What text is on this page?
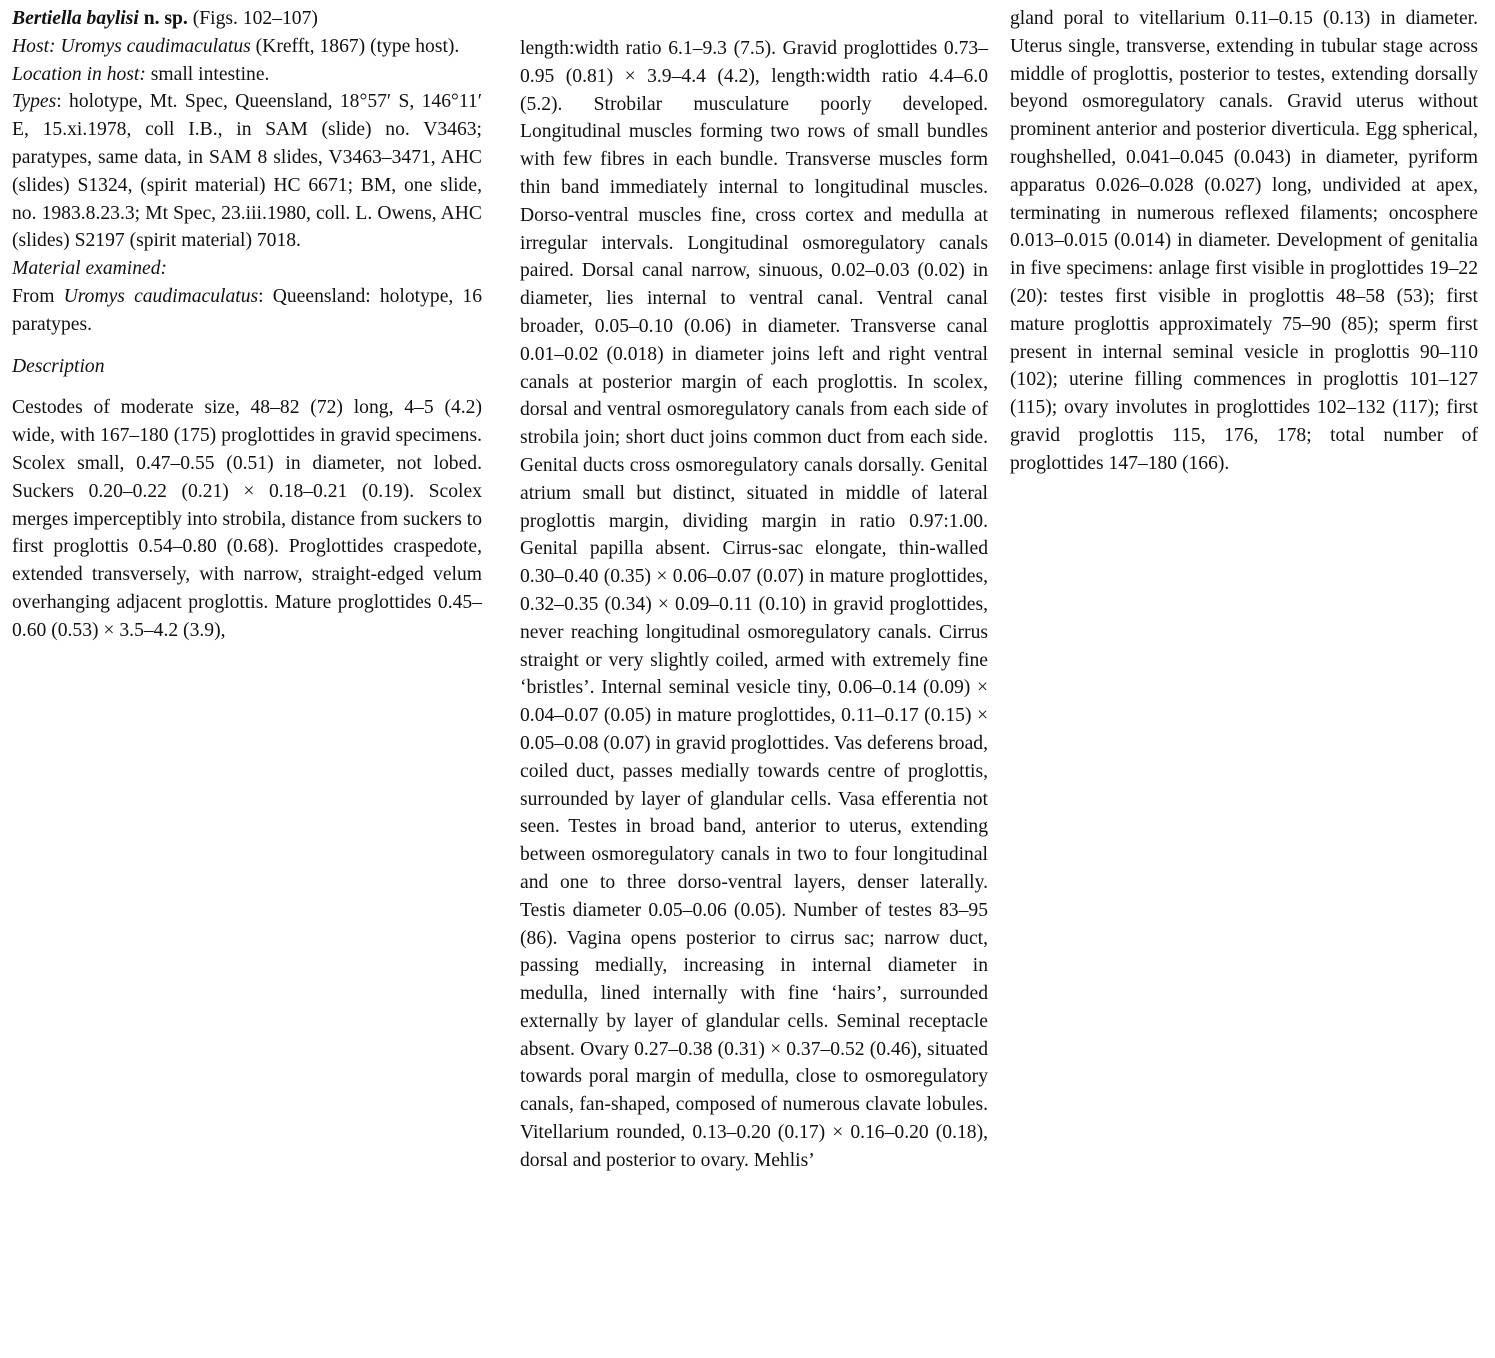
Bertiella baylisi n. sp. (Figs. 102–107)

Host: Uromys caudimaculatus (Krefft, 1867) (type host).

Location in host: small intestine.

Types: holotype, Mt. Spec, Queensland, 18°57′ S, 146°11′ E, 15.xi.1978, coll I.B., in SAM (slide) no. V3463; paratypes, same data, in SAM 8 slides, V3463–3471, AHC (slides) S1324, (spirit material) HC 6671; BM, one slide, no. 1983.8.23.3; Mt Spec, 23.iii.1980, coll. L. Owens, AHC (slides) S2197 (spirit material) 7018.

Material examined:

From Uromys caudimaculatus: Queensland: holotype, 16 paratypes.

Description

Cestodes of moderate size, 48–82 (72) long, 4–5 (4.2) wide, with 167–180 (175) proglottides in gravid specimens. Scolex small, 0.47–0.55 (0.51) in diameter, not lobed. Suckers 0.20–0.22 (0.21) × 0.18–0.21 (0.19). Scolex merges imperceptibly into strobila, distance from suckers to first proglottis 0.54–0.80 (0.68). Proglottides craspedote, extended transversely, with narrow, straight-edged velum overhanging adjacent proglottis. Mature proglottides 0.45–0.60 (0.53) × 3.5–4.2 (3.9),

length:width ratio 6.1–9.3 (7.5). Gravid proglottides 0.73–0.95 (0.81) × 3.9–4.4 (4.2), length:width ratio 4.4–6.0 (5.2). Strobilar musculature poorly developed. Longitudinal muscles forming two rows of small bundles with few fibres in each bundle. Transverse muscles form thin band immediately internal to longitudinal muscles. Dorso-ventral muscles fine, cross cortex and medulla at irregular intervals. Longitudinal osmoregulatory canals paired. Dorsal canal narrow, sinuous, 0.02–0.03 (0.02) in diameter, lies internal to ventral canal. Ventral canal broader, 0.05–0.10 (0.06) in diameter. Transverse canal 0.01–0.02 (0.018) in diameter joins left and right ventral canals at posterior margin of each proglottis. In scolex, dorsal and ventral osmoregulatory canals from each side of strobila join; short duct joins common duct from each side. Genital ducts cross osmoregulatory canals dorsally. Genital atrium small but distinct, situated in middle of lateral proglottis margin, dividing margin in ratio 0.97:1.00. Genital papilla absent. Cirrus-sac elongate, thin-walled 0.30–0.40 (0.35) × 0.06–0.07 (0.07) in mature proglottides, 0.32–0.35 (0.34) × 0.09–0.11 (0.10) in gravid proglottides, never reaching longitudinal osmoregulatory canals. Cirrus straight or very slightly coiled, armed with extremely fine ‘bristles’. Internal seminal vesicle tiny, 0.06–0.14 (0.09) × 0.04–0.07 (0.05) in mature proglottides, 0.11–0.17 (0.15) × 0.05–0.08 (0.07) in gravid proglottides. Vas deferens broad, coiled duct, passes medially towards centre of proglottis, surrounded by layer of glandular cells. Vasa efferentia not seen. Testes in broad band, anterior to uterus, extending between osmoregulatory canals in two to four longitudinal and one to three dorso-ventral layers, denser laterally. Testis diameter 0.05–0.06 (0.05). Number of testes 83–95 (86). Vagina opens posterior to cirrus sac; narrow duct, passing medially, increasing in internal diameter in medulla, lined internally with fine ‘hairs’, surrounded externally by layer of glandular cells. Seminal receptacle absent. Ovary 0.27–0.38 (0.31) × 0.37–0.52 (0.46), situated towards poral margin of medulla, close to osmoregulatory canals, fan-shaped, composed of numerous clavate lobules. Vitellarium rounded, 0.13–0.20 (0.17) × 0.16–0.20 (0.18), dorsal and posterior to ovary. Mehlis’

gland poral to vitellarium 0.11–0.15 (0.13) in diameter. Uterus single, transverse, extending in tubular stage across middle of proglottis, posterior to testes, extending dorsally beyond osmoregulatory canals. Gravid uterus without prominent anterior and posterior diverticula. Egg spherical, roughshelled, 0.041–0.045 (0.043) in diameter, pyriform apparatus 0.026–0.028 (0.027) long, undivided at apex, terminating in numerous reflexed filaments; oncosphere 0.013–0.015 (0.014) in diameter. Development of genitalia in five specimens: anlage first visible in proglottides 19–22 (20): testes first visible in proglottis 48–58 (53); first mature proglottis approximately 75–90 (85); sperm first present in internal seminal vesicle in proglottis 90–110 (102); uterine filling commences in proglottis 101–127 (115); ovary involutes in proglottides 102–132 (117); first gravid proglottis 115, 176, 178; total number of proglottides 147–180 (166).
